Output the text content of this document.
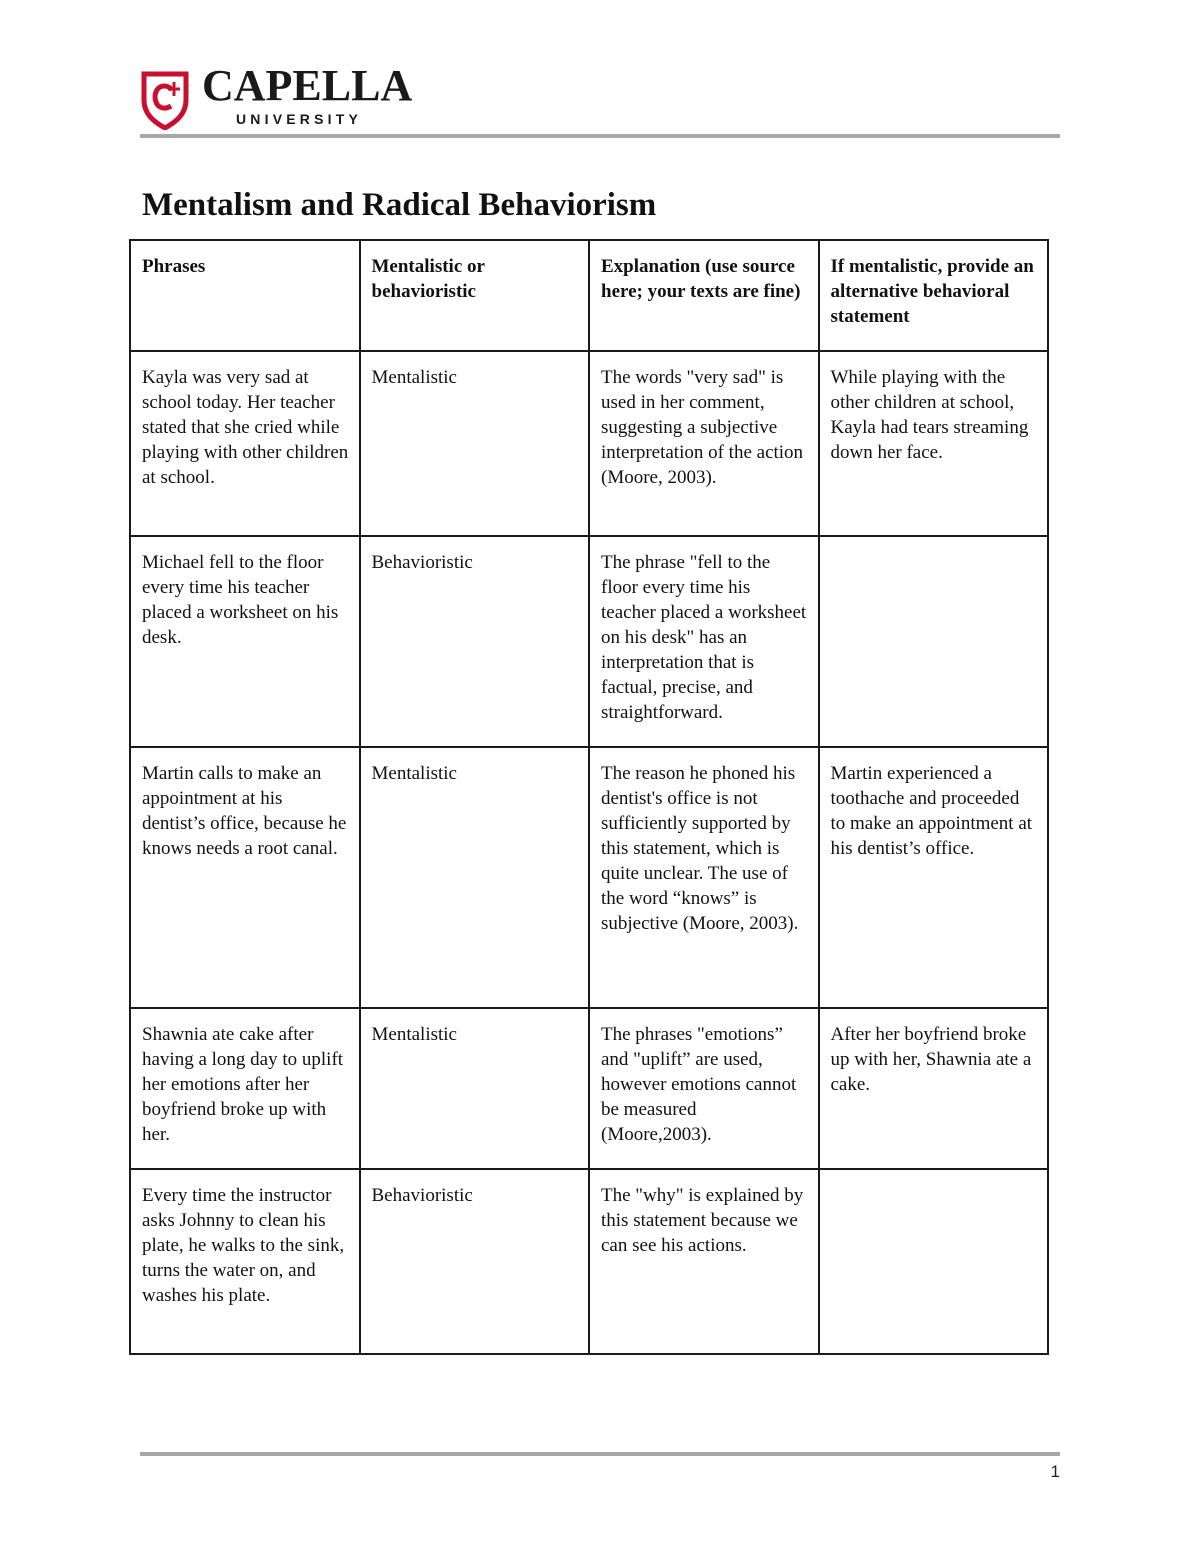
CAPELLA
UNIVERSITY
Mentalism and Radical Behaviorism
Phrases	Mentalistic or behavioristic	Explanation (use source here; your texts are fine)	If mentalistic, provide an alternative behavioral statement
Kayla was very sad at school today. Her teacher stated that she cried while playing with other children at school.	Mentalistic	The words "very sad" is used in her comment, suggesting a subjective interpretation of the action (Moore, 2003).	While playing with the other children at school, Kayla had tears streaming down her face.
Michael fell to the floor every time his teacher placed a worksheet on his desk.	Behavioristic	The phrase "fell to the floor every time his teacher placed a worksheet on his desk" has an interpretation that is factual, precise, and straightforward.	
Martin calls to make an appointment at his dentist’s office, because he knows needs a root canal.	Mentalistic	The reason he phoned his dentist's office is not sufficiently supported by this statement, which is quite unclear. The use of the word “knows” is subjective (Moore, 2003).	Martin experienced a toothache and proceeded to make an appointment at his dentist’s office.
Shawnia ate cake after having a long day to uplift her emotions after her boyfriend broke up with her.	Mentalistic	The phrases "emotions” and "uplift” are used, however emotions cannot be measured (Moore,2003).	After her boyfriend broke up with her, Shawnia ate a cake.
Every time the instructor asks Johnny to clean his plate, he walks to the sink, turns the water on, and washes his plate.	Behavioristic	The "why" is explained by this statement because we can see his actions.	
1
